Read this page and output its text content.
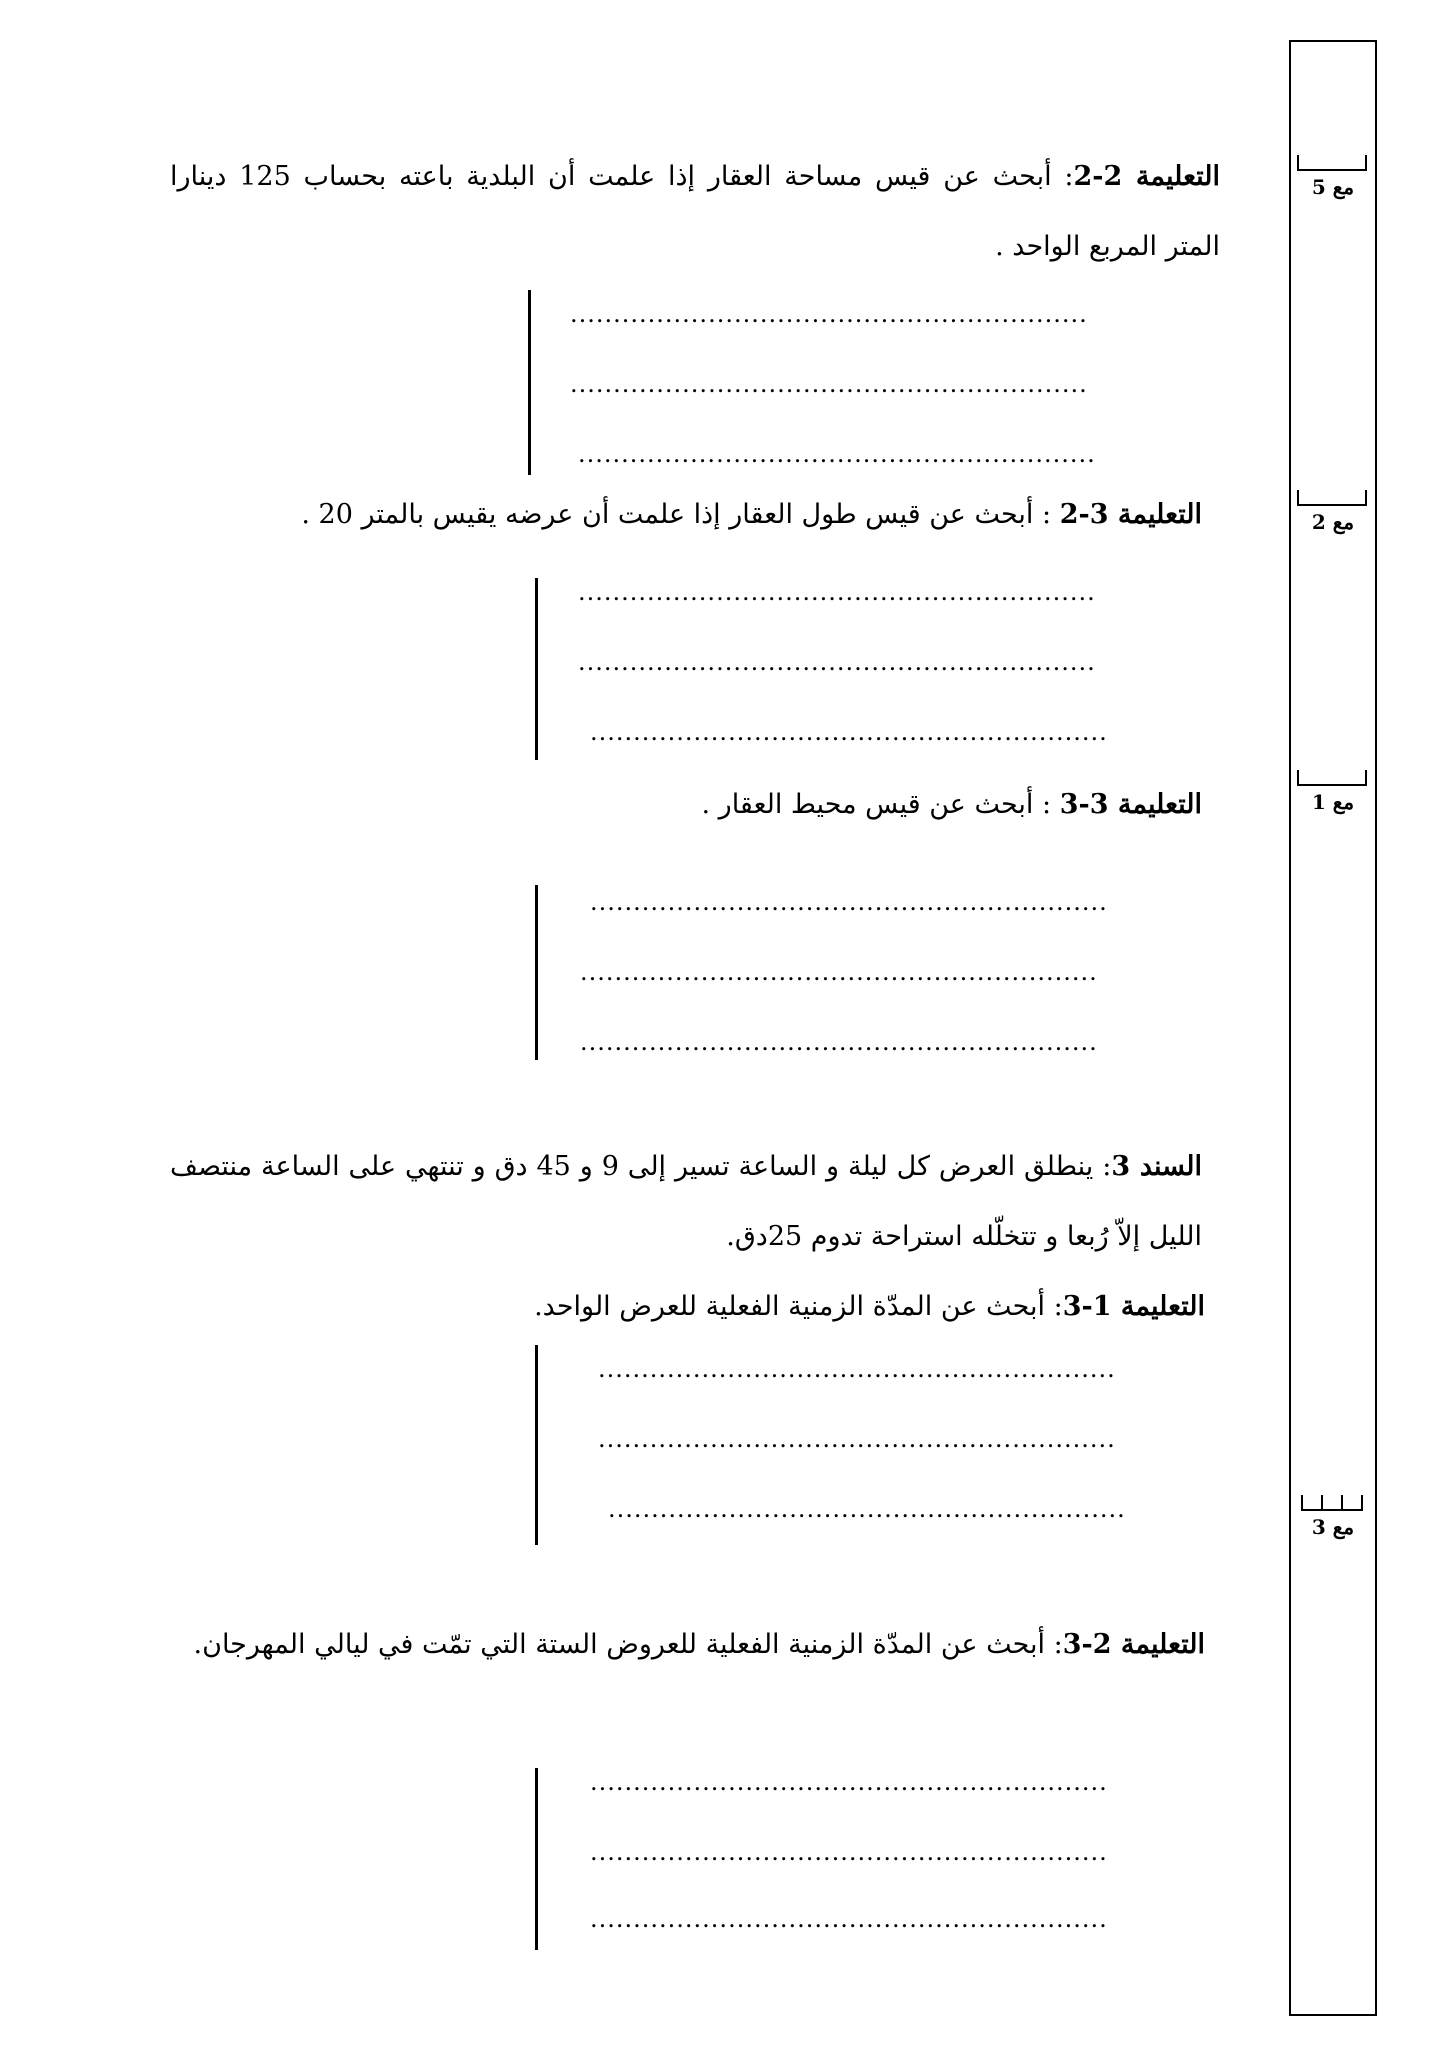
مع 5
مع 2
مع 1
مع 3
التعليمة 2-2: أبحث عن قيس مساحة العقار إذا علمت أن البلدية باعته بحساب 125 دينارا المتر المربع الواحد .
............................................................
............................................................
............................................................
التعليمة 3-2 : أبحث عن قيس طول العقار إذا علمت أن عرضه يقيس بالمتر 20 .
............................................................
............................................................
............................................................
التعليمة 3-3 : أبحث عن قيس محيط العقار .
............................................................
............................................................
............................................................
السند 3: ينطلق العرض كل ليلة و الساعة تسير إلى 9 و 45 دق و تنتهي على الساعة منتصف الليل إلاّ رُبعا و تتخلّله استراحة تدوم 25دق.
التعليمة 1-3: أبحث عن المدّة الزمنية الفعلية للعرض الواحد.
............................................................
............................................................
............................................................
التعليمة 2-3: أبحث عن المدّة الزمنية الفعلية للعروض الستة التي تمّت في ليالي المهرجان.
............................................................
............................................................
............................................................
